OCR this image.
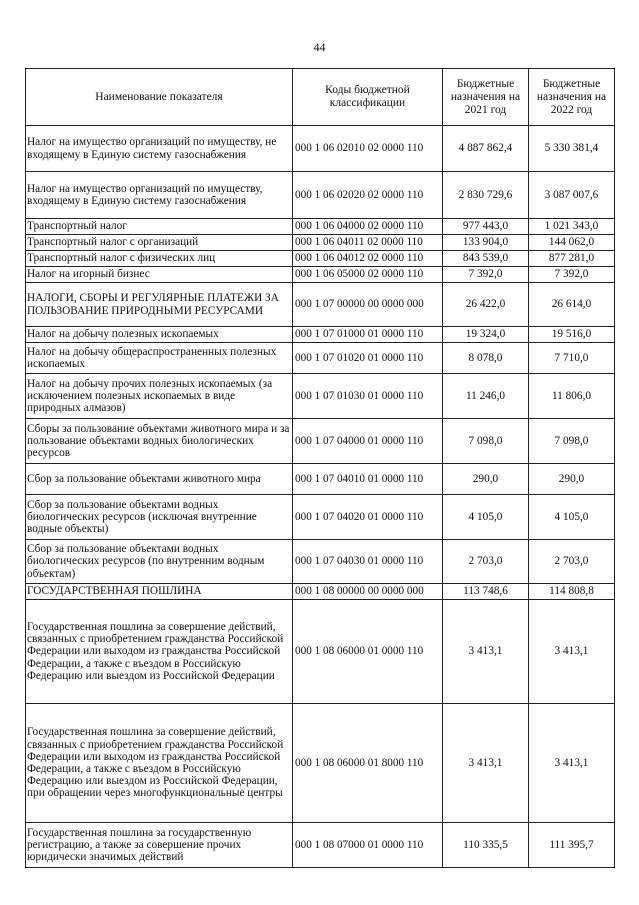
44
Наименование показателя	Коды бюджетной классификации	Бюджетные назначения на 2021 год	Бюджетные назначения на 2022 год
Налог на имущество организаций по имуществу, не входящему в Единую систему газоснабжения	000 1 06 02010 02 0000 110	4 887 862,4	5 330 381,4
Налог на имущество организаций по имуществу, входящему в Единую систему газоснабжения	000 1 06 02020 02 0000 110	2 830 729,6	3 087 007,6
Транспортный налог	000 1 06 04000 02 0000 110	977 443,0	1 021 343,0
Транспортный налог с организаций	000 1 06 04011 02 0000 110	133 904,0	144 062,0
Транспортный налог с физических лиц	000 1 06 04012 02 0000 110	843 539,0	877 281,0
Налог на игорный бизнес	000 1 06 05000 02 0000 110	7 392,0	7 392,0
НАЛОГИ, СБОРЫ И РЕГУЛЯРНЫЕ ПЛАТЕЖИ ЗА ПОЛЬЗОВАНИЕ ПРИРОДНЫМИ РЕСУРСАМИ	000 1 07 00000 00 0000 000	26 422,0	26 614,0
Налог на добычу полезных ископаемых	000 1 07 01000 01 0000 110	19 324,0	19 516,0
Налог на добычу общераспространенных полезных ископаемых	000 1 07 01020 01 0000 110	8 078,0	7 710,0
Налог на добычу прочих полезных ископаемых (за исключением полезных ископаемых в виде природных алмазов)	000 1 07 01030 01 0000 110	11 246,0	11 806,0
Сборы за пользование объектами животного мира и за пользование объектами водных биологических ресурсов	000 1 07 04000 01 0000 110	7 098,0	7 098,0
Сбор за пользование объектами животного мира	000 1 07 04010 01 0000 110	290,0	290,0
Сбор за пользование объектами водных биологических ресурсов (исключая внутренние водные объекты)	000 1 07 04020 01 0000 110	4 105,0	4 105,0
Сбор за пользование объектами водных биологических ресурсов (по внутренним водным объектам)	000 1 07 04030 01 0000 110	2 703,0	2 703,0
ГОСУДАРСТВЕННАЯ ПОШЛИНА	000 1 08 00000 00 0000 000	113 748,6	114 808,8
Государственная пошлина за совершение действий, связанных с приобретением гражданства Российской Федерации или выходом из гражданства Российской Федерации, а также с въездом в Российскую Федерацию или выездом из Российской Федерации	000 1 08 06000 01 0000 110	3 413,1	3 413,1
Государственная пошлина за совершение действий, связанных с приобретением гражданства Российской Федерации или выходом из гражданства Российской Федерации, а также с въездом в Российскую Федерацию или выездом из Российской Федерации, при обращении через многофункциональные центры	000 1 08 06000 01 8000 110	3 413,1	3 413,1
Государственная пошлина за государственную регистрацию, а также за совершение прочих юридически значимых действий	000 1 08 07000 01 0000 110	110 335,5	111 395,7
